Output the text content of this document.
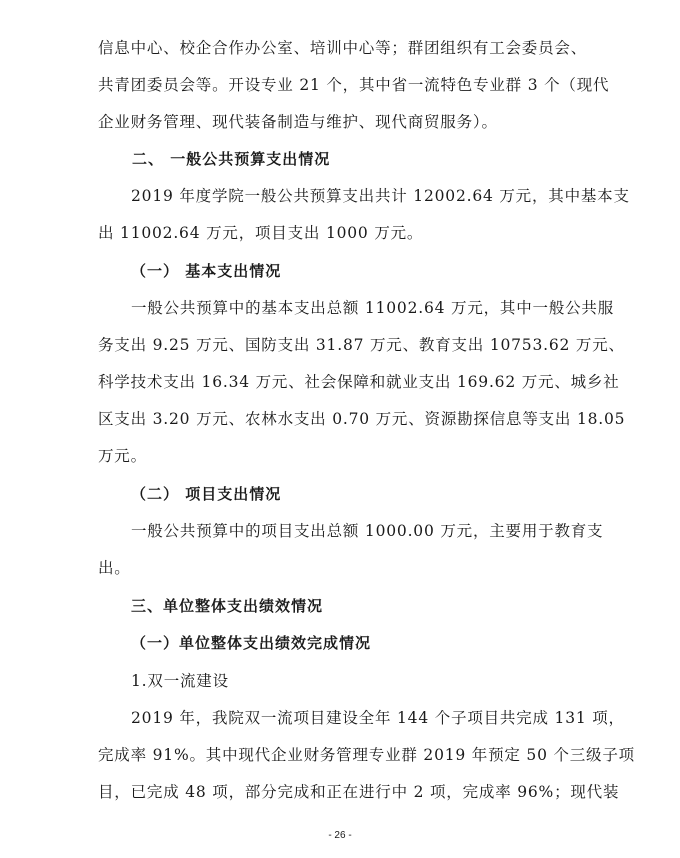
信息中心、校企合作办公室、培训中心等；群团组织有工会委员会、
共青团委员会等。开设专业 21 个，其中省一流特色专业群 3 个（现代
企业财务管理、现代装备制造与维护、现代商贸服务）。
二、 一般公共预算支出情况
2019 年度学院一般公共预算支出共计 12002.64 万元，其中基本支
出 11002.64 万元，项目支出 1000 万元。
（一） 基本支出情况
一般公共预算中的基本支出总额 11002.64 万元，其中一般公共服
务支出 9.25 万元、国防支出 31.87 万元、教育支出 10753.62 万元、
科学技术支出 16.34 万元、社会保障和就业支出 169.62 万元、城乡社
区支出 3.20 万元、农林水支出 0.70 万元、资源勘探信息等支出 18.05
万元。
（二） 项目支出情况
一般公共预算中的项目支出总额 1000.00 万元，主要用于教育支
出。
三、单位整体支出绩效情况
（一）单位整体支出绩效完成情况
1.双一流建设
2019 年，我院双一流项目建设全年 144 个子项目共完成 131 项，
完成率 91%。其中现代企业财务管理专业群 2019 年预定 50 个三级子项
目，已完成 48 项，部分完成和正在进行中 2 项，完成率 96%；现代装
- 26 -
